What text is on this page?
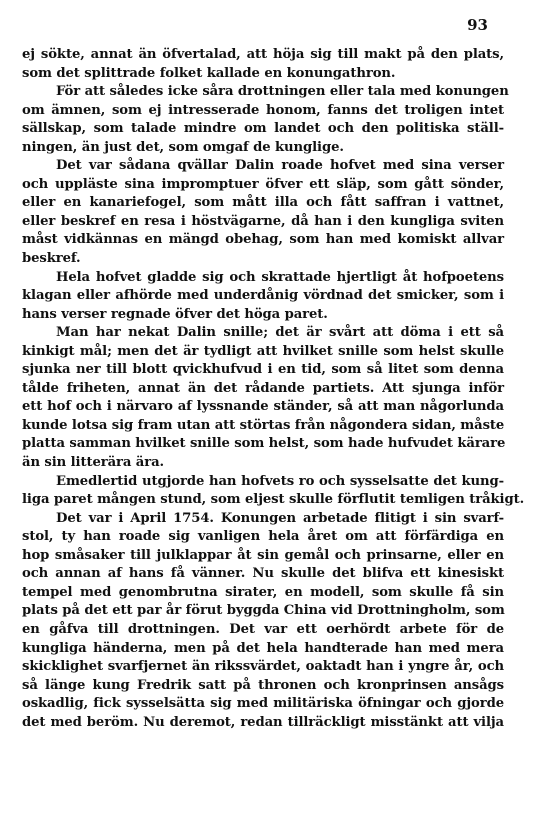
93
ej sökte, annat än öfvertalad, att höja sig till makt på den plats,
som det splittrade folket kallade en konungathron.
För att således icke såra drottningen eller tala med konungen
om ämnen, som ej intresserade honom, fanns det troligen intet
sällskap, som talade mindre om landet och den politiska ställ-
ningen, än just det, som omgaf de kunglige.
Det var sådana qvällar Dalin roade hofvet med sina verser
och uppläste sina impromptuer öfver ett släp, som gått sönder,
eller en kanariefogel, som mått illa och fått saffran i vattnet,
eller beskref en resa i höstvägarne, då han i den kungliga sviten
måst vidkännas en mängd obehag, som han med komiskt allvar
beskref.
Hela hofvet gladde sig och skrattade hjertligt åt hofpoetens
klagan eller afhörde med underdånig vördnad det smicker, som i
hans verser regnade öfver det höga paret.
Man har nekat Dalin snille; det är svårt att döma i ett så
kinkigt mål; men det är tydligt att hvilket snille som helst skulle
sjunka ner till blott qvickhufvud i en tid, som så litet som denna
tålde friheten, annat än det rådande partiets. Att sjunga inför
ett hof och i närvaro af lyssnande ständer, så att man någorlunda
kunde lotsa sig fram utan att störtas från någondera sidan, måste
platta samman hvilket snille som helst, som hade hufvudet kärare
än sin litterära ära.
Emedlertid utgjorde han hofvets ro och sysselsatte det kung-
liga paret mången stund, som eljest skulle förflutit temligen tråkigt.
Det var i April 1754. Konungen arbetade flitigt i sin svarf-
stol, ty han roade sig vanligen hela året om att förfärdiga en
hop småsaker till julklappar åt sin gemål och prinsarne, eller en
och annan af hans få vänner. Nu skulle det blifva ett kinesiskt
tempel med genombrutna sirater, en modell, som skulle få sin
plats på det ett par år förut byggda China vid Drottningholm, som
en gåfva till drottningen. Det var ett oerhördt arbete för de
kungliga händerna, men på det hela handterade han med mera
skicklighet svarfjernet än rikssvärdet, oaktadt han i yngre år, och
så länge kung Fredrik satt på thronen och kronprinsen ansågs
oskadlig, fick sysselsätta sig med militäriska öfningar och gjorde
det med beröm. Nu deremot, redan tillräckligt misstänkt att vilja
